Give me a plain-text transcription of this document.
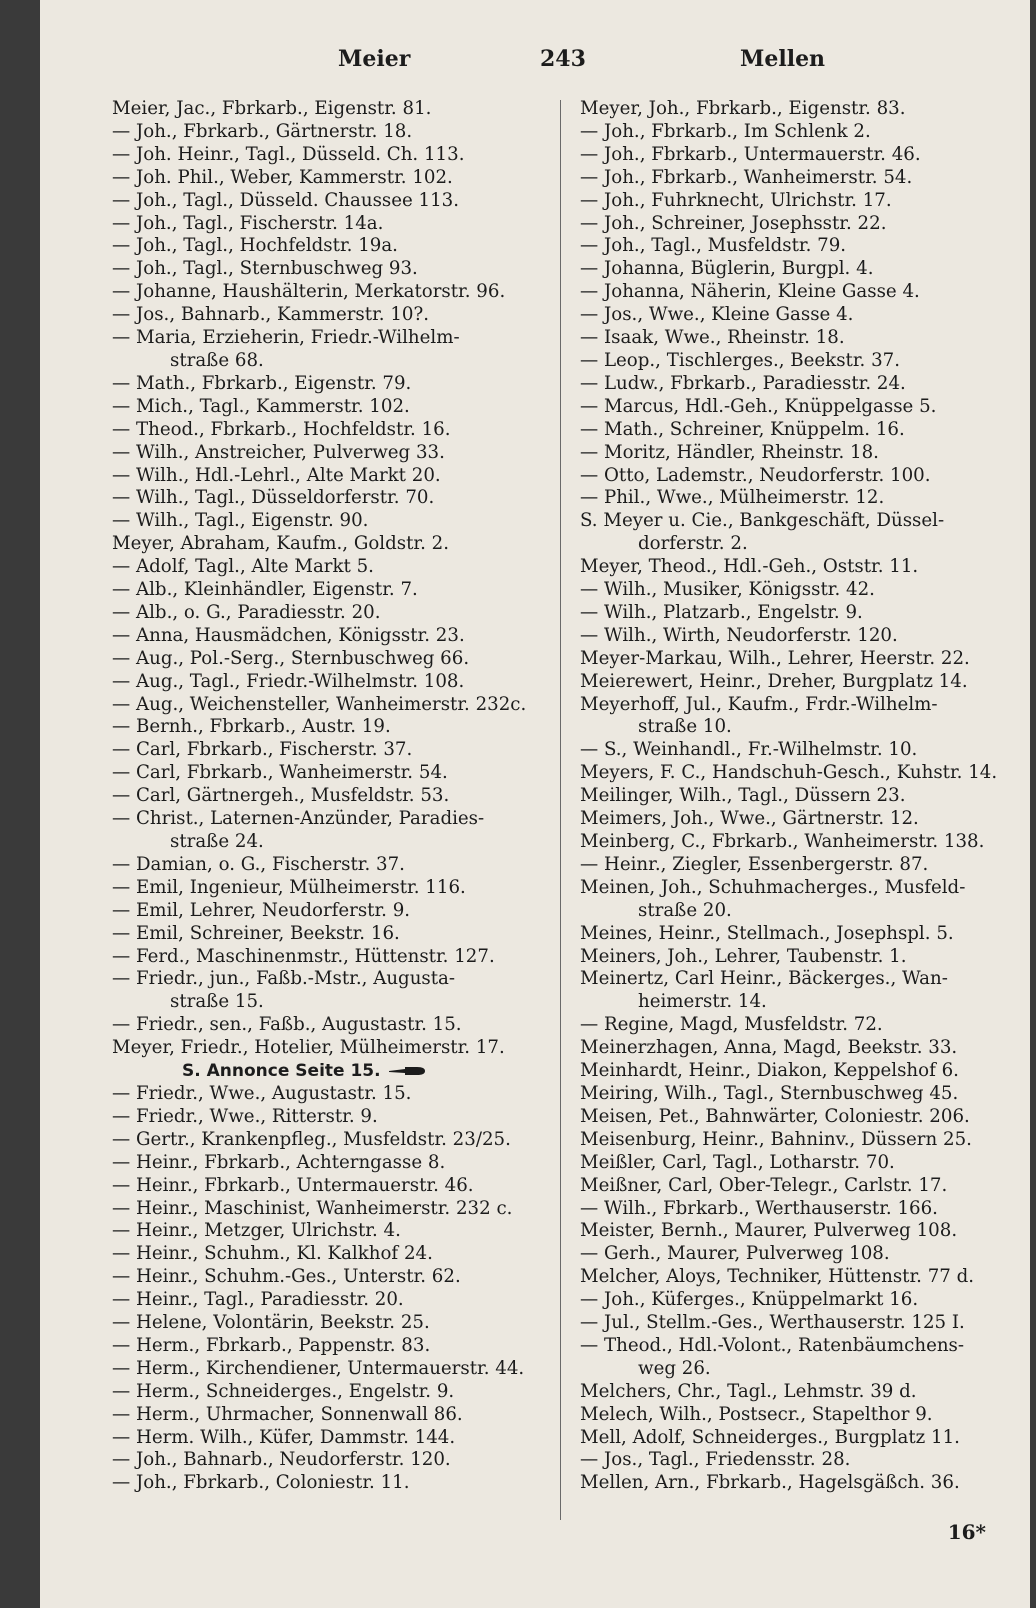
Meier	243	Mellen
Meier, Jac., Fbrkarb., Eigenstr. 81.
— Joh., Fbrkarb., Gärtnerstr. 18.
— Joh. Heinr., Tagl., Düsseld. Ch. 113.
— Joh. Phil., Weber, Kammerstr. 102.
— Joh., Tagl., Düsseld. Chaussee 113.
— Joh., Tagl., Fischerstr. 14a.
— Joh., Tagl., Hochfeldstr. 19a.
— Joh., Tagl., Sternbuschweg 93.
— Johanne, Haushälterin, Merkatorstr. 96.
— Jos., Bahnarb., Kammerstr. 10?.
— Maria, Erzieherin, Friedr.-Wilhelm-
straße 68.
— Math., Fbrkarb., Eigenstr. 79.
— Mich., Tagl., Kammerstr. 102.
— Theod., Fbrkarb., Hochfeldstr. 16.
— Wilh., Anstreicher, Pulverweg 33.
— Wilh., Hdl.-Lehrl., Alte Markt 20.
— Wilh., Tagl., Düsseldorferstr. 70.
— Wilh., Tagl., Eigenstr. 90.
Meyer, Abraham, Kaufm., Goldstr. 2.
— Adolf, Tagl., Alte Markt 5.
— Alb., Kleinhändler, Eigenstr. 7.
— Alb., o. G., Paradiesstr. 20.
— Anna, Hausmädchen, Königsstr. 23.
— Aug., Pol.-Serg., Sternbuschweg 66.
— Aug., Tagl., Friedr.-Wilhelmstr. 108.
— Aug., Weichensteller, Wanheimerstr. 232c.
— Bernh., Fbrkarb., Austr. 19.
— Carl, Fbrkarb., Fischerstr. 37.
— Carl, Fbrkarb., Wanheimerstr. 54.
— Carl, Gärtnergeh., Musfeldstr. 53.
— Christ., Laternen-Anzünder, Paradies-
straße 24.
— Damian, o. G., Fischerstr. 37.
— Emil, Ingenieur, Mülheimerstr. 116.
— Emil, Lehrer, Neudorferstr. 9.
— Emil, Schreiner, Beekstr. 16.
— Ferd., Maschinenmstr., Hüttenstr. 127.
— Friedr., jun., Faßb.-Mstr., Augusta-
straße 15.
— Friedr., sen., Faßb., Augustastr. 15.
Meyer, Friedr., Hotelier, Mülheimerstr. 17.
S. Annonce Seite 15.
— Friedr., Wwe., Augustastr. 15.
— Friedr., Wwe., Ritterstr. 9.
— Gertr., Krankenpfleg., Musfeldstr. 23/25.
— Heinr., Fbrkarb., Achterngasse 8.
— Heinr., Fbrkarb., Untermauerstr. 46.
— Heinr., Maschinist, Wanheimerstr. 232 c.
— Heinr., Metzger, Ulrichstr. 4.
— Heinr., Schuhm., Kl. Kalkhof 24.
— Heinr., Schuhm.-Ges., Unterstr. 62.
— Heinr., Tagl., Paradiesstr. 20.
— Helene, Volontärin, Beekstr. 25.
— Herm., Fbrkarb., Pappenstr. 83.
— Herm., Kirchendiener, Untermauerstr. 44.
— Herm., Schneiderges., Engelstr. 9.
— Herm., Uhrmacher, Sonnenwall 86.
— Herm. Wilh., Küfer, Dammstr. 144.
— Joh., Bahnarb., Neudorferstr. 120.
— Joh., Fbrkarb., Coloniestr. 11.
Meyer, Joh., Fbrkarb., Eigenstr. 83.
— Joh., Fbrkarb., Im Schlenk 2.
— Joh., Fbrkarb., Untermauerstr. 46.
— Joh., Fbrkarb., Wanheimerstr. 54.
— Joh., Fuhrknecht, Ulrichstr. 17.
— Joh., Schreiner, Josephsstr. 22.
— Joh., Tagl., Musfeldstr. 79.
— Johanna, Büglerin, Burgpl. 4.
— Johanna, Näherin, Kleine Gasse 4.
— Jos., Wwe., Kleine Gasse 4.
— Isaak, Wwe., Rheinstr. 18.
— Leop., Tischlerges., Beekstr. 37.
— Ludw., Fbrkarb., Paradiesstr. 24.
— Marcus, Hdl.-Geh., Knüppelgasse 5.
— Math., Schreiner, Knüppelm. 16.
— Moritz, Händler, Rheinstr. 18.
— Otto, Lademstr., Neudorferstr. 100.
— Phil., Wwe., Mülheimerstr. 12.
S. Meyer u. Cie., Bankgeschäft, Düssel-
dorferstr. 2.
Meyer, Theod., Hdl.-Geh., Oststr. 11.
— Wilh., Musiker, Königsstr. 42.
— Wilh., Platzarb., Engelstr. 9.
— Wilh., Wirth, Neudorferstr. 120.
Meyer-Markau, Wilh., Lehrer, Heerstr. 22.
Meierewert, Heinr., Dreher, Burgplatz 14.
Meyerhoff, Jul., Kaufm., Frdr.-Wilhelm-
straße 10.
— S., Weinhandl., Fr.-Wilhelmstr. 10.
Meyers, F. C., Handschuh-Gesch., Kuhstr. 14.
Meilinger, Wilh., Tagl., Düssern 23.
Meimers, Joh., Wwe., Gärtnerstr. 12.
Meinberg, C., Fbrkarb., Wanheimerstr. 138.
— Heinr., Ziegler, Essenbergerstr. 87.
Meinen, Joh., Schuhmacherges., Musfeld-
straße 20.
Meines, Heinr., Stellmach., Josephspl. 5.
Meiners, Joh., Lehrer, Taubenstr. 1.
Meinertz, Carl Heinr., Bäckerges., Wan-
heimerstr. 14.
— Regine, Magd, Musfeldstr. 72.
Meinerzhagen, Anna, Magd, Beekstr. 33.
Meinhardt, Heinr., Diakon, Keppelshof 6.
Meiring, Wilh., Tagl., Sternbuschweg 45.
Meisen, Pet., Bahnwärter, Coloniestr. 206.
Meisenburg, Heinr., Bahninv., Düssern 25.
Meißler, Carl, Tagl., Lotharstr. 70.
Meißner, Carl, Ober-Telegr., Carlstr. 17.
— Wilh., Fbrkarb., Werthauserstr. 166.
Meister, Bernh., Maurer, Pulverweg 108.
— Gerh., Maurer, Pulverweg 108.
Melcher, Aloys, Techniker, Hüttenstr. 77 d.
— Joh., Küferges., Knüppelmarkt 16.
— Jul., Stellm.-Ges., Werthauserstr. 125 I.
— Theod., Hdl.-Volont., Ratenbäumchens-
weg 26.
Melchers, Chr., Tagl., Lehmstr. 39 d.
Melech, Wilh., Postsecr., Stapelthor 9.
Mell, Adolf, Schneiderges., Burgplatz 11.
— Jos., Tagl., Friedensstr. 28.
Mellen, Arn., Fbrkarb., Hagelsgäßch. 36.
16*
